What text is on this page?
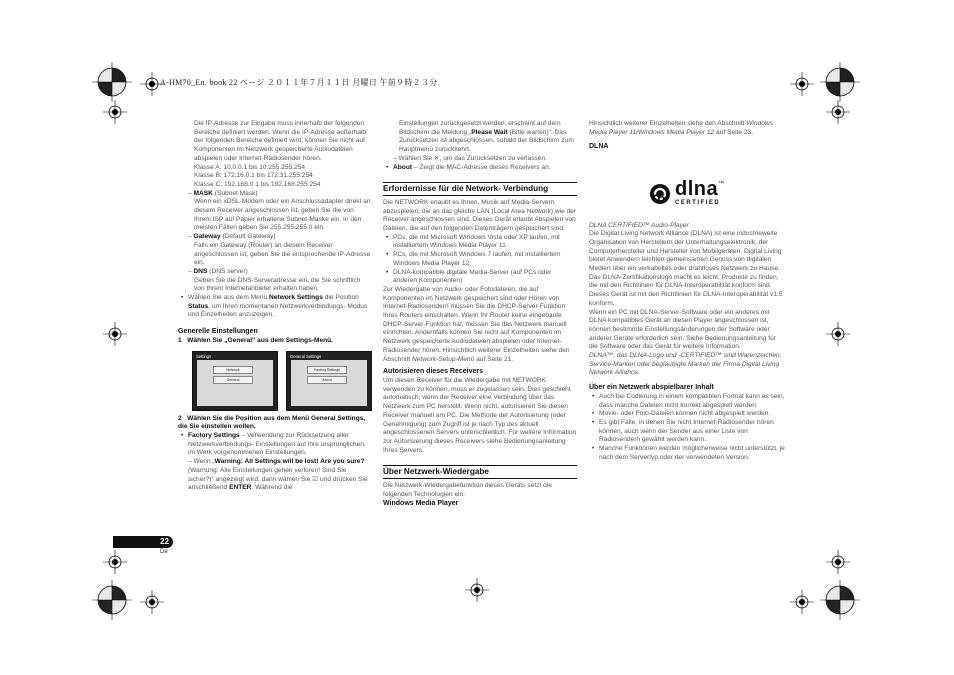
A-HM70_En. book 22 ページ ２０１１年７月１１日 月曜日 午前９時２３分

Die IP-Adresse zur Eingabe muss innerhalb der folgenden Bereiche definiert werden. Wenn die IP-Adresse außerhalb der folgenden Bereiche definiert wird, können Sie nicht auf Komponenten im Netzwerk gespeicherte Audiodateien abspielen oder Internet-Radiosender hören.

Klasse A: 10.0.0.1 bis 10.255.255.254

Klasse B: 172.16.0.1 bis 172.31.255.254

Klasse C: 192.168.0.1 bis 192.168.255.254

– MASK (Subnet Mask)

Wenn ein xDSL-Modem oder ein Anschlussadapter direkt an diesem Receiver angeschlossen ist, geben Sie die von Ihrem ISP auf Papier erhaltene Subnet-Maske ein. In den meisten Fällen geben Sie 255.255.255.0 ein.

– Gateway (Default Gateway)

Falls ein Gateway (Router) an diesem Receiver angeschlossen ist, geben Sie die entsprechende IP-Adresse ein.

– DNS (DNS server)

Geben Sie die DNS-Serveradresse ein, die Sie schriftlich von Ihrem Internetanbieter erhalten haben.

• Wählen Sie aus dem Menü Network Settings die Position Status, um Ihren momentanen Netzwerkverbindungs- Modus und Einzelheiten anzuzeigen.

Generelle Einstellungen

1 Wählen Sie „General“ aus dem Settings-Menü.

Settings
Network
General
General Settings
Factory Settings
About

2 Wählen Sie die Position aus dem Menü General Settings, die Sie einstellen wollen.

• Factory Settings – Verwendung zur Rücksetzung aller Netzwerkverbindungs- Einstellungen auf ihre ursprünglichen, im Werk vorgenommenen Einstellungen.

– Wenn „Warning: All Settings will be lost! Are you sure? (Warnung: Alle Einstellungen gehen verloren! Sind Sie sicher?)“ angezeigt wird, dann wählen Sie ☑ und drücken Sie anschließend ENTER. Während die

Einstellungen zurückgesetzt werden, erscheint auf dem Bildschirm die Meldung „Please Wait (Bitte warten)“. Das Zurücksetzen ist abgeschlossen, sobald der Bildschirm zum Hauptmenü zurückkehrt.

– Wählen Sie ✕, um das Zurücksetzen zu verlassen.

• About – Zeigt die MAC-Adresse dieses Receivers an.

Erfordernisse für die Network- Verbindung

Die NETWORK erlaubt es Ihnen, Musik auf Media-Servern abzuspielen, die an das gleiche LAN (Local Area Network) wie der Receiver angeschlossen sind. Dieses Gerät erlaubt Abspielen von Dateien, die auf den folgenden Datenträgern gespeichert sind:

• PCs, die mit Microsoft Windows Vista oder XP laufen, mit installiertem Windows Media Player 11

• PCs, die mit Microsoft Windows 7 laufen, mit installiertem Windows Media Player 12

• DLNA-kompatible digitale Media-Server (auf PCs oder anderen Komponenten)

Zur Wiedergabe von Audio- oder Fotodateien, die auf Komponenten im Netzwerk gespeichert sind oder Hören von Internet-Radiosendern müssen Sie die DHCP-Server-Funktion Ihres Routers einschalten. Wenn Ihr Router keine eingebaute DHCP-Server-Funktion hat, müssen Sie das Netzwerk manuell einrichten. Andernfalls können Sie nicht auf Komponenten im Netzwerk gespeicherte Audiodateien abspielen oder Internet-Radiosender hören. Hinsichtlich weiterer Einzelheiten siehe den Abschnitt Network-Setup-Menü auf Seite 21.

Autorisieren dieses Receivers

Um diesen Receiver für die Wiedergabe mit NETWORK verwenden zu können, muss er zugelassen sein. Dies geschieht automatisch, wenn der Receiver eine Verbindung über das Netzwerk zum PC herstellt. Wenn nicht, autorisieren Sie diesen Receiver manuell am PC. Die Methode der Autorisierung (oder Genehmigung) zum Zugriff ist je nach Typ des aktuell angeschlossenen Servers unterschiedlich. Für weitere Information zur Autorisierung dieses Receivers siehe Bedienungsanleitung Ihres Servers.

Über Netzwerk-Wiedergabe

Die Netzwerk-Wiedergabefunktion dieses Geräts setzt die folgenden Technologien ein:

Windows Media Player

Hinsichtlich weiterer Einzelheiten siehe den Abschnitt Windows Media Player 11/Windows Media Player 12 auf Seite 23.

DLNA
dlna™
CERTIFIED

DLNA CERTIFIED™ Audio-Player

Die Digital Living Network Alliance (DLNA) ist eine industrieweite Organisation von Herstellern der Unterhaltungselektronik, der Computerhersteller und Hersteller von Mobilgeräten. Digital Living bietet Anwendern leichten gemeinsamen Genuss von digitalen Medien über ein verkabeltes oder drahtloses Netzwerk zu Hause.

Das DLNA-Zertifikationslogo macht es leicht, Produkte zu finden, die mit den Richtlinien für DLNA-Interoperabilität konform sind. Dieses Gerät ist mit den Richtlinien für DLNA-Interoperabilität v1.5 konform.

Wenn ein PC mit DLNA-Server-Software oder ein anderes mit DLNA kompatibles Gerät an diesen Player angeschlossen ist, können bestimmte Einstellungsänderungen der Software oder anderer Geräte erforderlich sein. Siehe Bedienungsanleitung für die Software oder das Gerät für weitere Information.

DLNA™, das DLNA-Logo und -CERTIFIED™ sind Warenzeichen, Service-Marken oder beglaubigte Marken der Firma Digital Living Network Alliance.

Über ein Netzwerk abspielbarer Inhalt

• Auch bei Codierung in einem kompatiblen Format kann es sein, dass manche Dateien nicht korrekt abgespielt werden.

• Movie- oder Foto-Dateien können nicht abgespielt werden.

• Es gibt Fälle, in denen Sie nicht Internet-Radiosender hören können, auch wenn der Sender aus einer Liste von Radiosendern gewählt werden kann.

• Manche Funktionen werden möglicherweise nicht unterstützt, je nach dem Servertyp oder der verwendeten Version.

22
De
